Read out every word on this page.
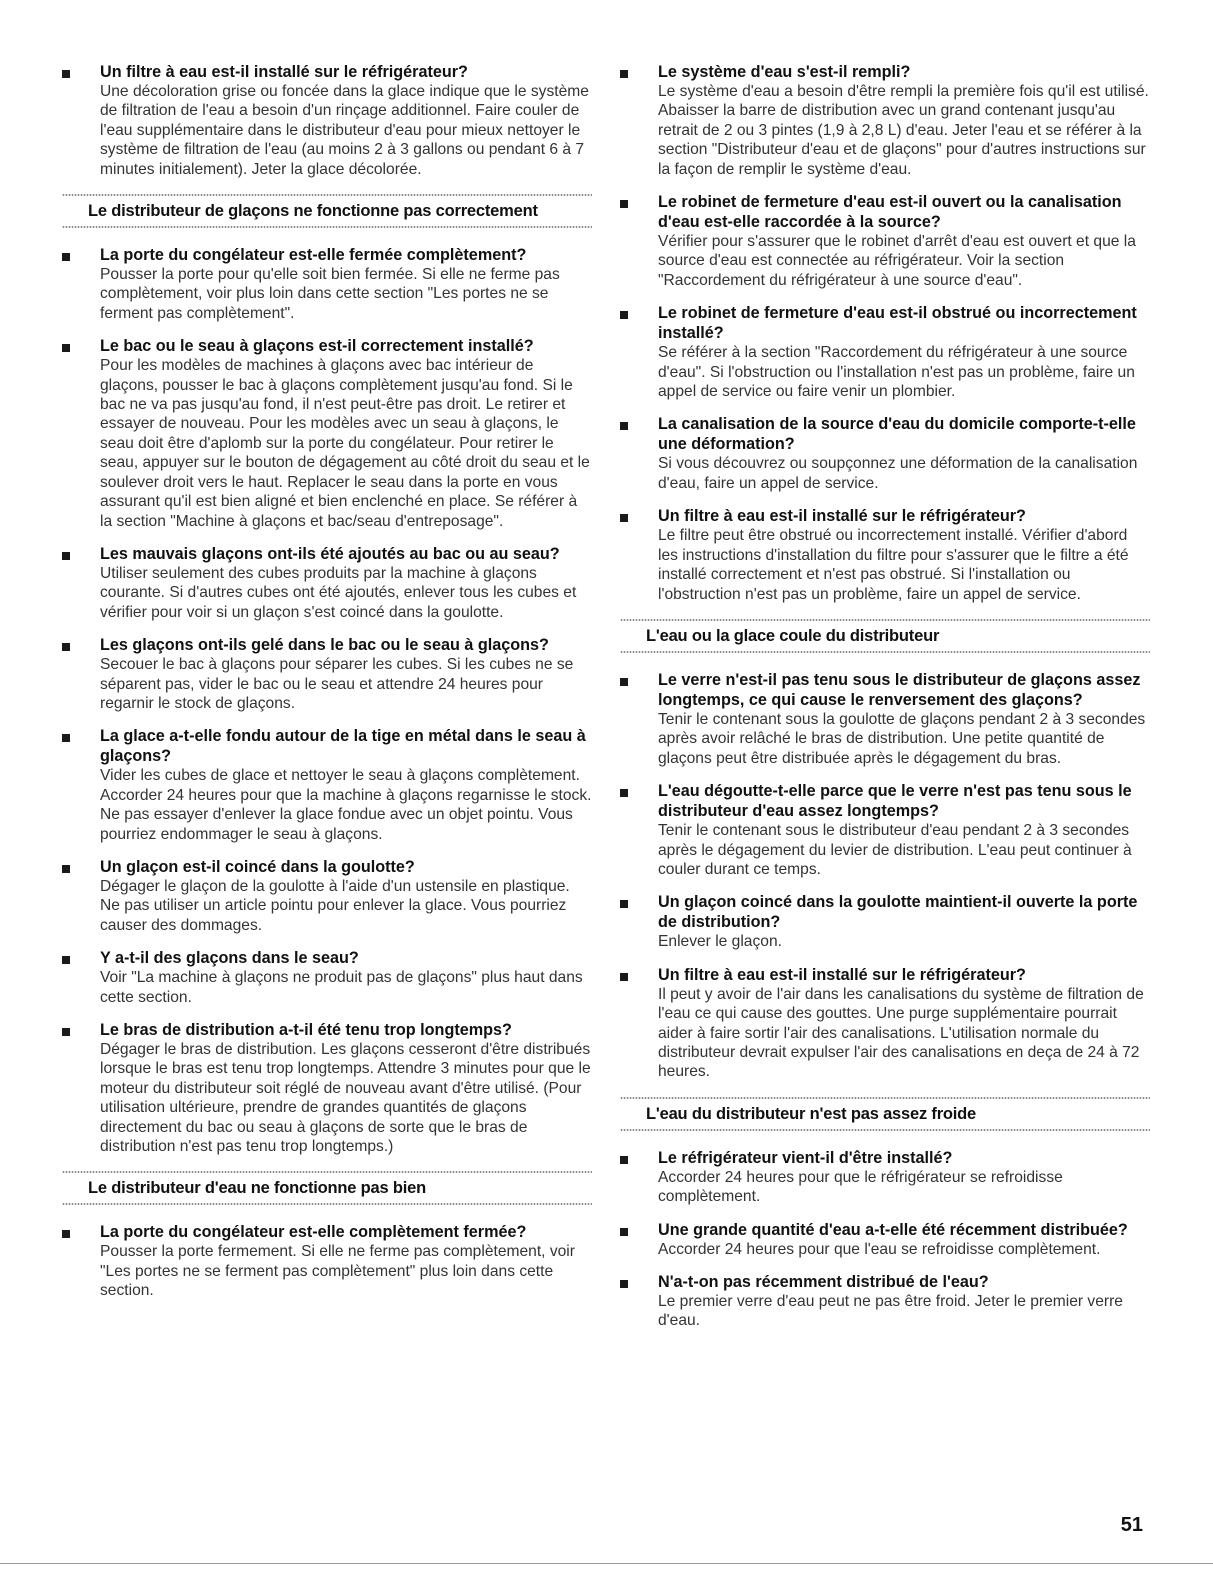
Un filtre à eau est-il installé sur le réfrigérateur?
Une décoloration grise ou foncée dans la glace indique que le système de filtration de l'eau a besoin d'un rinçage additionnel. Faire couler de l'eau supplémentaire dans le distributeur d'eau pour mieux nettoyer le système de filtration de l'eau (au moins 2 à 3 gallons ou pendant 6 à 7 minutes initialement). Jeter la glace décolorée.
Le distributeur de glaçons ne fonctionne pas correctement
La porte du congélateur est-elle fermée complètement?
Pousser la porte pour qu'elle soit bien fermée. Si elle ne ferme pas complètement, voir plus loin dans cette section "Les portes ne se ferment pas complètement".
Le bac ou le seau à glaçons est-il correctement installé?
Pour les modèles de machines à glaçons avec bac intérieur de glaçons, pousser le bac à glaçons complètement jusqu'au fond. Si le bac ne va pas jusqu'au fond, il n'est peut-être pas droit. Le retirer et essayer de nouveau. Pour les modèles avec un seau à glaçons, le seau doit être d'aplomb sur la porte du congélateur. Pour retirer le seau, appuyer sur le bouton de dégagement au côté droit du seau et le soulever droit vers le haut. Replacer le seau dans la porte en vous assurant qu'il est bien aligné et bien enclenché en place. Se référer à la section "Machine à glaçons et bac/seau d'entreposage".
Les mauvais glaçons ont-ils été ajoutés au bac ou au seau?
Utiliser seulement des cubes produits par la machine à glaçons courante. Si d'autres cubes ont été ajoutés, enlever tous les cubes et vérifier pour voir si un glaçon s'est coincé dans la goulotte.
Les glaçons ont-ils gelé dans le bac ou le seau à glaçons?
Secouer le bac à glaçons pour séparer les cubes. Si les cubes ne se séparent pas, vider le bac ou le seau et attendre 24 heures pour regarnir le stock de glaçons.
La glace a-t-elle fondu autour de la tige en métal dans le seau à glaçons?
Vider les cubes de glace et nettoyer le seau à glaçons complètement. Accorder 24 heures pour que la machine à glaçons regarnisse le stock. Ne pas essayer d'enlever la glace fondue avec un objet pointu. Vous pourriez endommager le seau à glaçons.
Un glaçon est-il coincé dans la goulotte?
Dégager le glaçon de la goulotte à l'aide d'un ustensile en plastique. Ne pas utiliser un article pointu pour enlever la glace. Vous pourriez causer des dommages.
Y a-t-il des glaçons dans le seau?
Voir "La machine à glaçons ne produit pas de glaçons" plus haut dans cette section.
Le bras de distribution a-t-il été tenu trop longtemps?
Dégager le bras de distribution. Les glaçons cesseront d'être distribués lorsque le bras est tenu trop longtemps. Attendre 3 minutes pour que le moteur du distributeur soit réglé de nouveau avant d'être utilisé. (Pour utilisation ultérieure, prendre de grandes quantités de glaçons directement du bac ou seau à glaçons de sorte que le bras de distribution n'est pas tenu trop longtemps.)
Le distributeur d'eau ne fonctionne pas bien
La porte du congélateur est-elle complètement fermée?
Pousser la porte fermement. Si elle ne ferme pas complètement, voir "Les portes ne se ferment pas complètement" plus loin dans cette section.
Le système d'eau s'est-il rempli?
Le système d'eau a besoin d'être rempli la première fois qu'il est utilisé. Abaisser la barre de distribution avec un grand contenant jusqu'au retrait de 2 ou 3 pintes (1,9 à 2,8 L) d'eau. Jeter l'eau et se référer à la section "Distributeur d'eau et de glaçons" pour d'autres instructions sur la façon de remplir le système d'eau.
Le robinet de fermeture d'eau est-il ouvert ou la canalisation d'eau est-elle raccordée à la source?
Vérifier pour s'assurer que le robinet d'arrêt d'eau est ouvert et que la source d'eau est connectée au réfrigérateur. Voir la section "Raccordement du réfrigérateur à une source d'eau".
Le robinet de fermeture d'eau est-il obstrué ou incorrectement installé?
Se référer à la section "Raccordement du réfrigérateur à une source d'eau". Si l'obstruction ou l'installation n'est pas un problème, faire un appel de service ou faire venir un plombier.
La canalisation de la source d'eau du domicile comporte-t-elle une déformation?
Si vous découvrez ou soupçonnez une déformation de la canalisation d'eau, faire un appel de service.
Un filtre à eau est-il installé sur le réfrigérateur?
Le filtre peut être obstrué ou incorrectement installé. Vérifier d'abord les instructions d'installation du filtre pour s'assurer que le filtre a été installé correctement et n'est pas obstrué. Si l'installation ou l'obstruction n'est pas un problème, faire un appel de service.
L'eau ou la glace coule du distributeur
Le verre n'est-il pas tenu sous le distributeur de glaçons assez longtemps, ce qui cause le renversement des glaçons?
Tenir le contenant sous la goulotte de glaçons pendant 2 à 3 secondes après avoir relâché le bras de distribution. Une petite quantité de glaçons peut être distribuée après le dégagement du bras.
L'eau dégoutte-t-elle parce que le verre n'est pas tenu sous le distributeur d'eau assez longtemps?
Tenir le contenant sous le distributeur d'eau pendant 2 à 3 secondes après le dégagement du levier de distribution. L'eau peut continuer à couler durant ce temps.
Un glaçon coincé dans la goulotte maintient-il ouverte la porte de distribution?
Enlever le glaçon.
Un filtre à eau est-il installé sur le réfrigérateur?
Il peut y avoir de l'air dans les canalisations du système de filtration de l'eau ce qui cause des gouttes. Une purge supplémentaire pourrait aider à faire sortir l'air des canalisations. L'utilisation normale du distributeur devrait expulser l'air des canalisations en deça de 24 à 72 heures.
L'eau du distributeur n'est pas assez froide
Le réfrigérateur vient-il d'être installé?
Accorder 24 heures pour que le réfrigérateur se refroidisse complètement.
Une grande quantité d'eau a-t-elle été récemment distribuée?
Accorder 24 heures pour que l'eau se refroidisse complètement.
N'a-t-on pas récemment distribué de l'eau?
Le premier verre d'eau peut ne pas être froid. Jeter le premier verre d'eau.
51
